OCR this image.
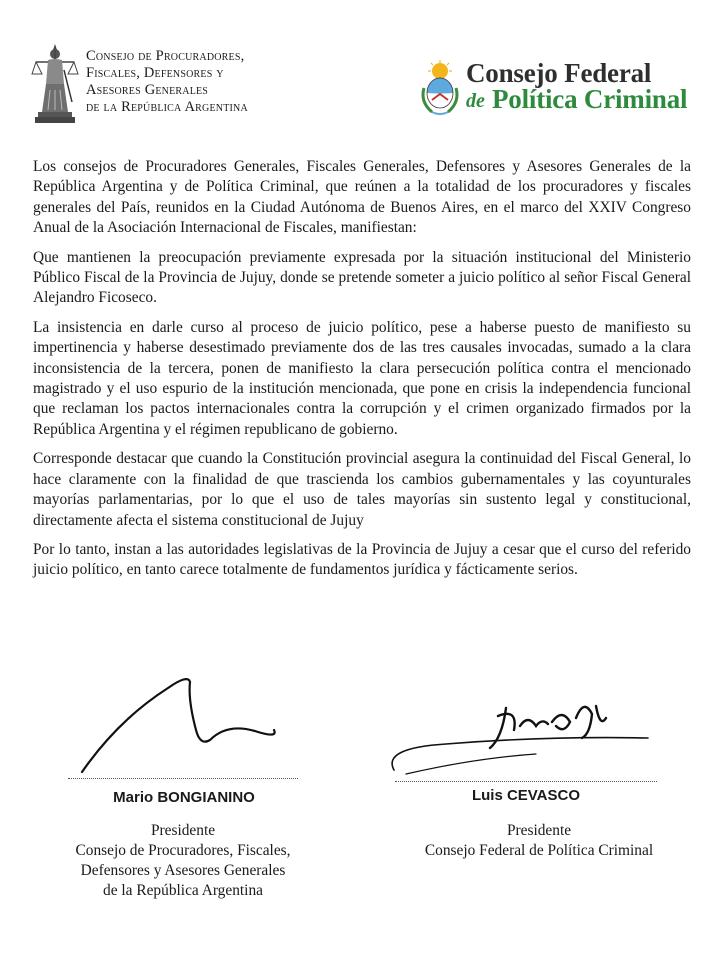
Consejo de Procuradores,
Fiscales, Defensores y
Asesores Generales
de la República Argentina
Consejo Federal
de Política Criminal

Los consejos de Procuradores Generales, Fiscales Generales, Defensores y Asesores Generales de la República Argentina y de Política Criminal, que reúnen a la totalidad de los procuradores y fiscales generales del País, reunidos en la Ciudad Autónoma de Buenos Aires, en el marco del XXIV Congreso Anual de la Asociación Internacional de Fiscales, manifiestan:

Que mantienen la preocupación previamente expresada por la situación institucional del Ministerio Público Fiscal de la Provincia de Jujuy, donde se pretende someter a juicio político al señor Fiscal General Alejandro Ficoseco.

La insistencia en darle curso al proceso de juicio político, pese a haberse puesto de manifiesto su impertinencia y haberse desestimado previamente dos de las tres causales invocadas, sumado a la clara inconsistencia de la tercera, ponen de manifiesto la clara persecución política contra el mencionado magistrado y el uso espurio de la institución mencionada, que pone en crisis la independencia funcional que reclaman los pactos internacionales contra la corrupción y el crimen organizado firmados por la República Argentina y el régimen republicano de gobierno.

Corresponde destacar que cuando la Constitución provincial asegura la continuidad del Fiscal General, lo hace claramente con la finalidad de que trascienda los cambios gubernamentales y las coyunturales mayorías parlamentarias, por lo que el uso de tales mayorías sin sustento legal y constitucional, directamente afecta el sistema constitucional de Jujuy

Por lo tanto, instan a las autoridades legislativas de la Provincia de Jujuy a cesar que el curso del referido juicio político, en tanto carece totalmente de fundamentos jurídica y fácticamente serios.

Mario BONGIANINO
Presidente
Consejo de Procuradores, Fiscales,
Defensores y Asesores Generales
de la República Argentina
Luis CEVASCO
Presidente
Consejo Federal de Política Criminal
